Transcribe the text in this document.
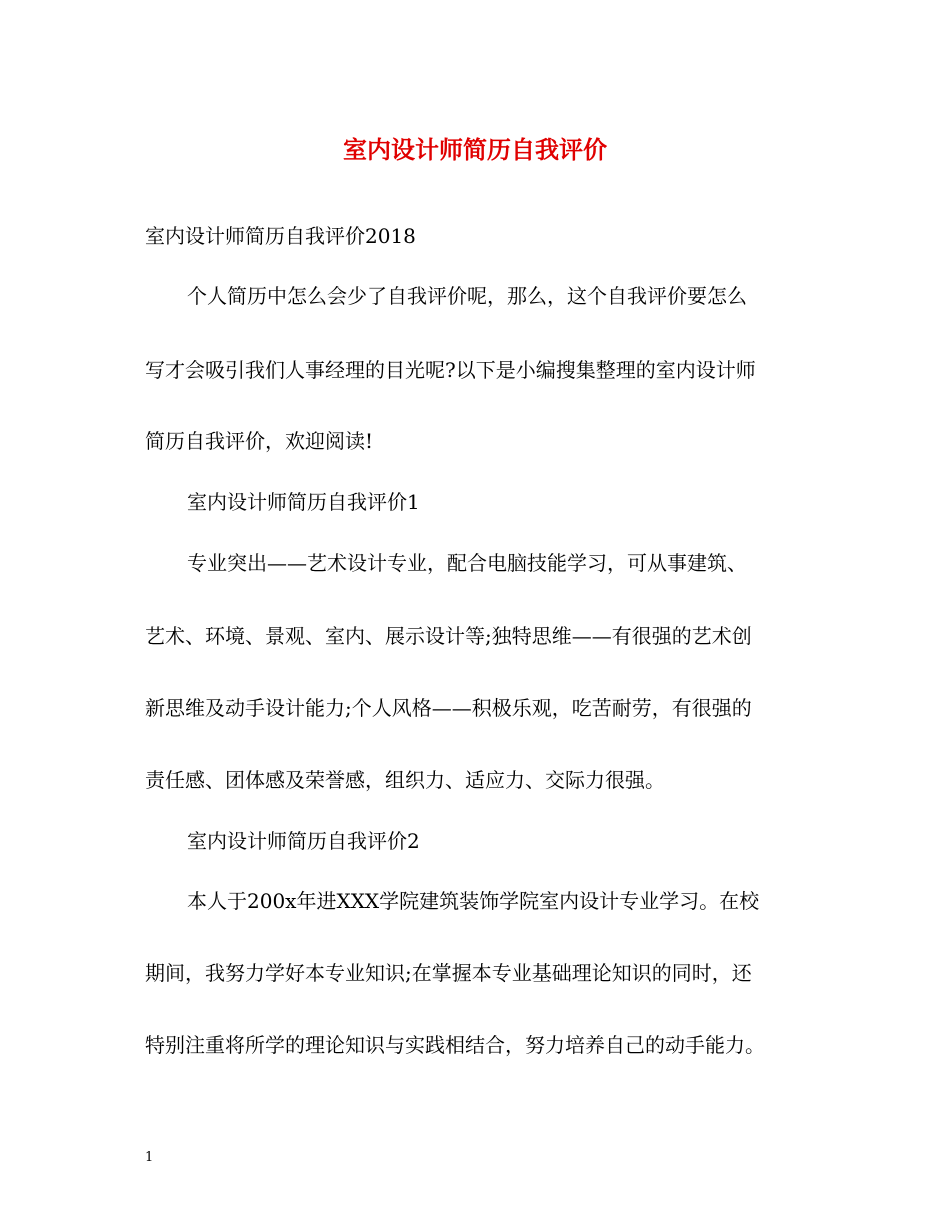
室内设计师简历自我评价
室内设计师简历自我评价2018
个人简历中怎么会少了自我评价呢，那么，这个自我评价要怎么
写才会吸引我们人事经理的目光呢?以下是小编搜集整理的室内设计师
简历自我评价，欢迎阅读!
室内设计师简历自我评价1
专业突出——艺术设计专业，配合电脑技能学习，可从事建筑、
艺术、环境、景观、室内、展示设计等;独特思维——有很强的艺术创
新思维及动手设计能力;个人风格——积极乐观，吃苦耐劳，有很强的
责任感、团体感及荣誉感，组织力、适应力、交际力很强。
室内设计师简历自我评价2
本人于200x年进XXX学院建筑装饰学院室内设计专业学习。在校
期间，我努力学好本专业知识;在掌握本专业基础理论知识的同时，还
特别注重将所学的理论知识与实践相结合，努力培养自己的动手能力。
1
